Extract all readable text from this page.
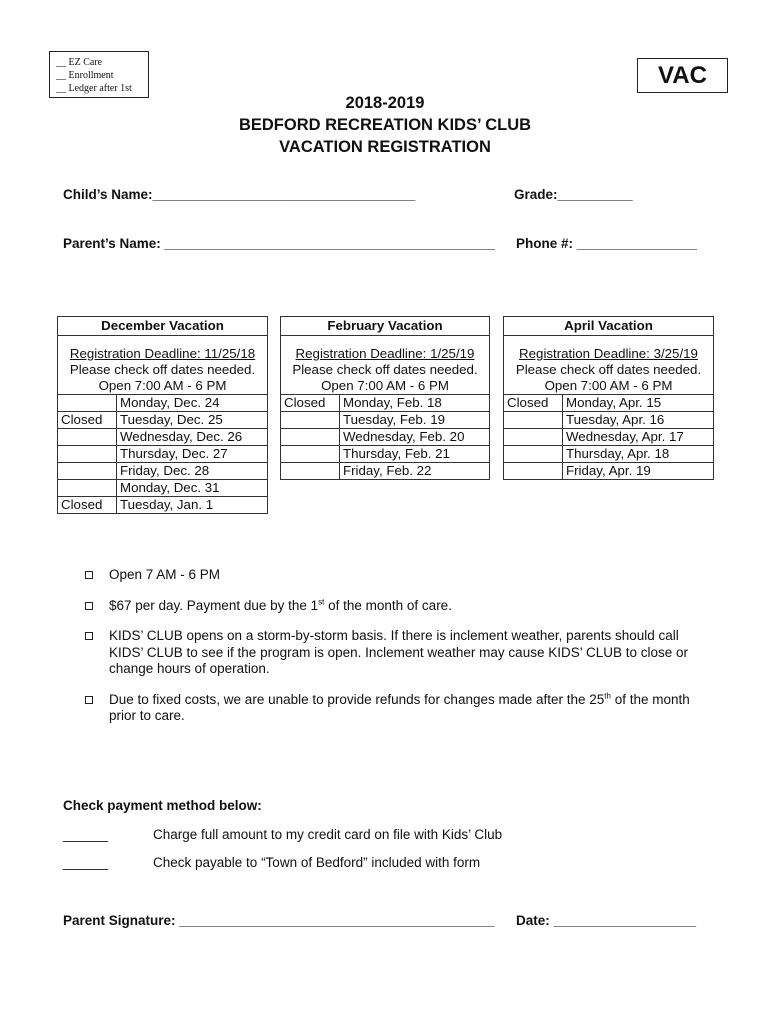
__ EZ Care
__ Enrollment
__ Ledger after 1st	VAC
2018-2019
BEDFORD RECREATION KIDS’ CLUB
VACATION REGISTRATION
Child’s Name:___________________________________	Grade:__________
Parent’s Name: ____________________________________________ Phone #: ________________
December Vacation	

Registration Deadline: 11/25/18	
Please check off dates needed.	
Open 7:00 AM - 6 PM	
	Monday, Dec. 24
Closed	Tuesday, Dec. 25
	Wednesday, Dec. 26
	Thursday, Dec. 27
	Friday, Dec. 28
	Monday, Dec. 31
Closed	Tuesday, Jan. 1
February Vacation	

Registration Deadline: 1/25/19	
Please check off dates needed.	
Open 7:00 AM - 6 PM	
Closed	Monday, Feb. 18
	Tuesday, Feb. 19
	Wednesday, Feb. 20
	Thursday, Feb. 21
	Friday, Feb. 22
April Vacation	

Registration Deadline: 3/25/19	
Please check off dates needed.	
Open 7:00 AM - 6 PM	
Closed	Monday, Apr. 15
	Tuesday, Apr. 16
	Wednesday, Apr. 17
	Thursday, Apr. 18
	Friday, Apr. 19
Open 7 AM - 6 PM
$67 per day. Payment due by the 1st of the month of care.
KIDS’ CLUB opens on a storm-by-storm basis. If there is inclement weather, parents should call KIDS’ CLUB to see if the program is open. Inclement weather may cause KIDS’ CLUB to close or change hours of operation.
Due to fixed costs, we are unable to provide refunds for changes made after the 25th of the month prior to care.
Check payment method below:
______	Charge full amount to my credit card on file with Kids’ Club
______	Check payable to “Town of Bedford” included with form
Parent Signature: __________________________________________ Date: ___________________
